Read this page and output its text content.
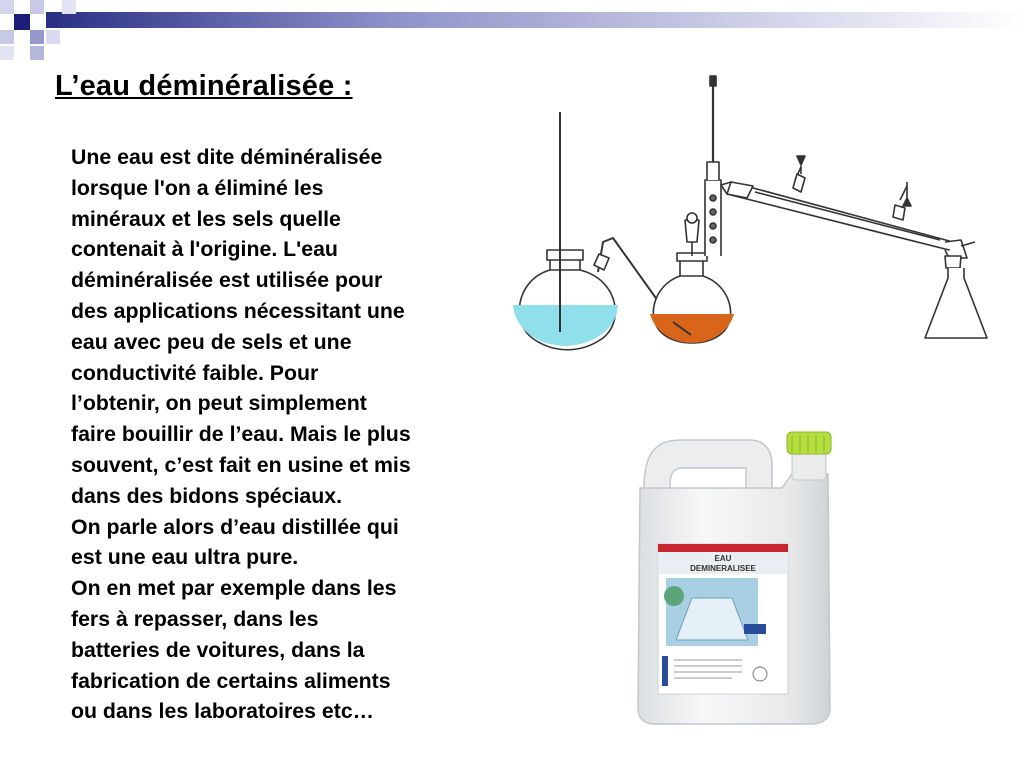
L’eau déminéralisée :
Une eau est dite déminéralisée
lorsque l'on a éliminé les
minéraux et les sels quelle
contenait à l'origine. L'eau
déminéralisée est utilisée pour
des applications nécessitant une
eau avec peu de sels et une
conductivité faible. Pour
l’obtenir, on peut simplement
faire bouillir de l’eau. Mais le plus
souvent, c’est fait en usine et mis
dans des bidons spéciaux.
On parle alors d’eau distillée qui
est une eau ultra pure.
On en met par exemple dans les
fers à repasser, dans les
batteries de voitures, dans la
fabrication de certains aliments
ou dans les laboratoires etc…
EAU
DEMINERALISEE
